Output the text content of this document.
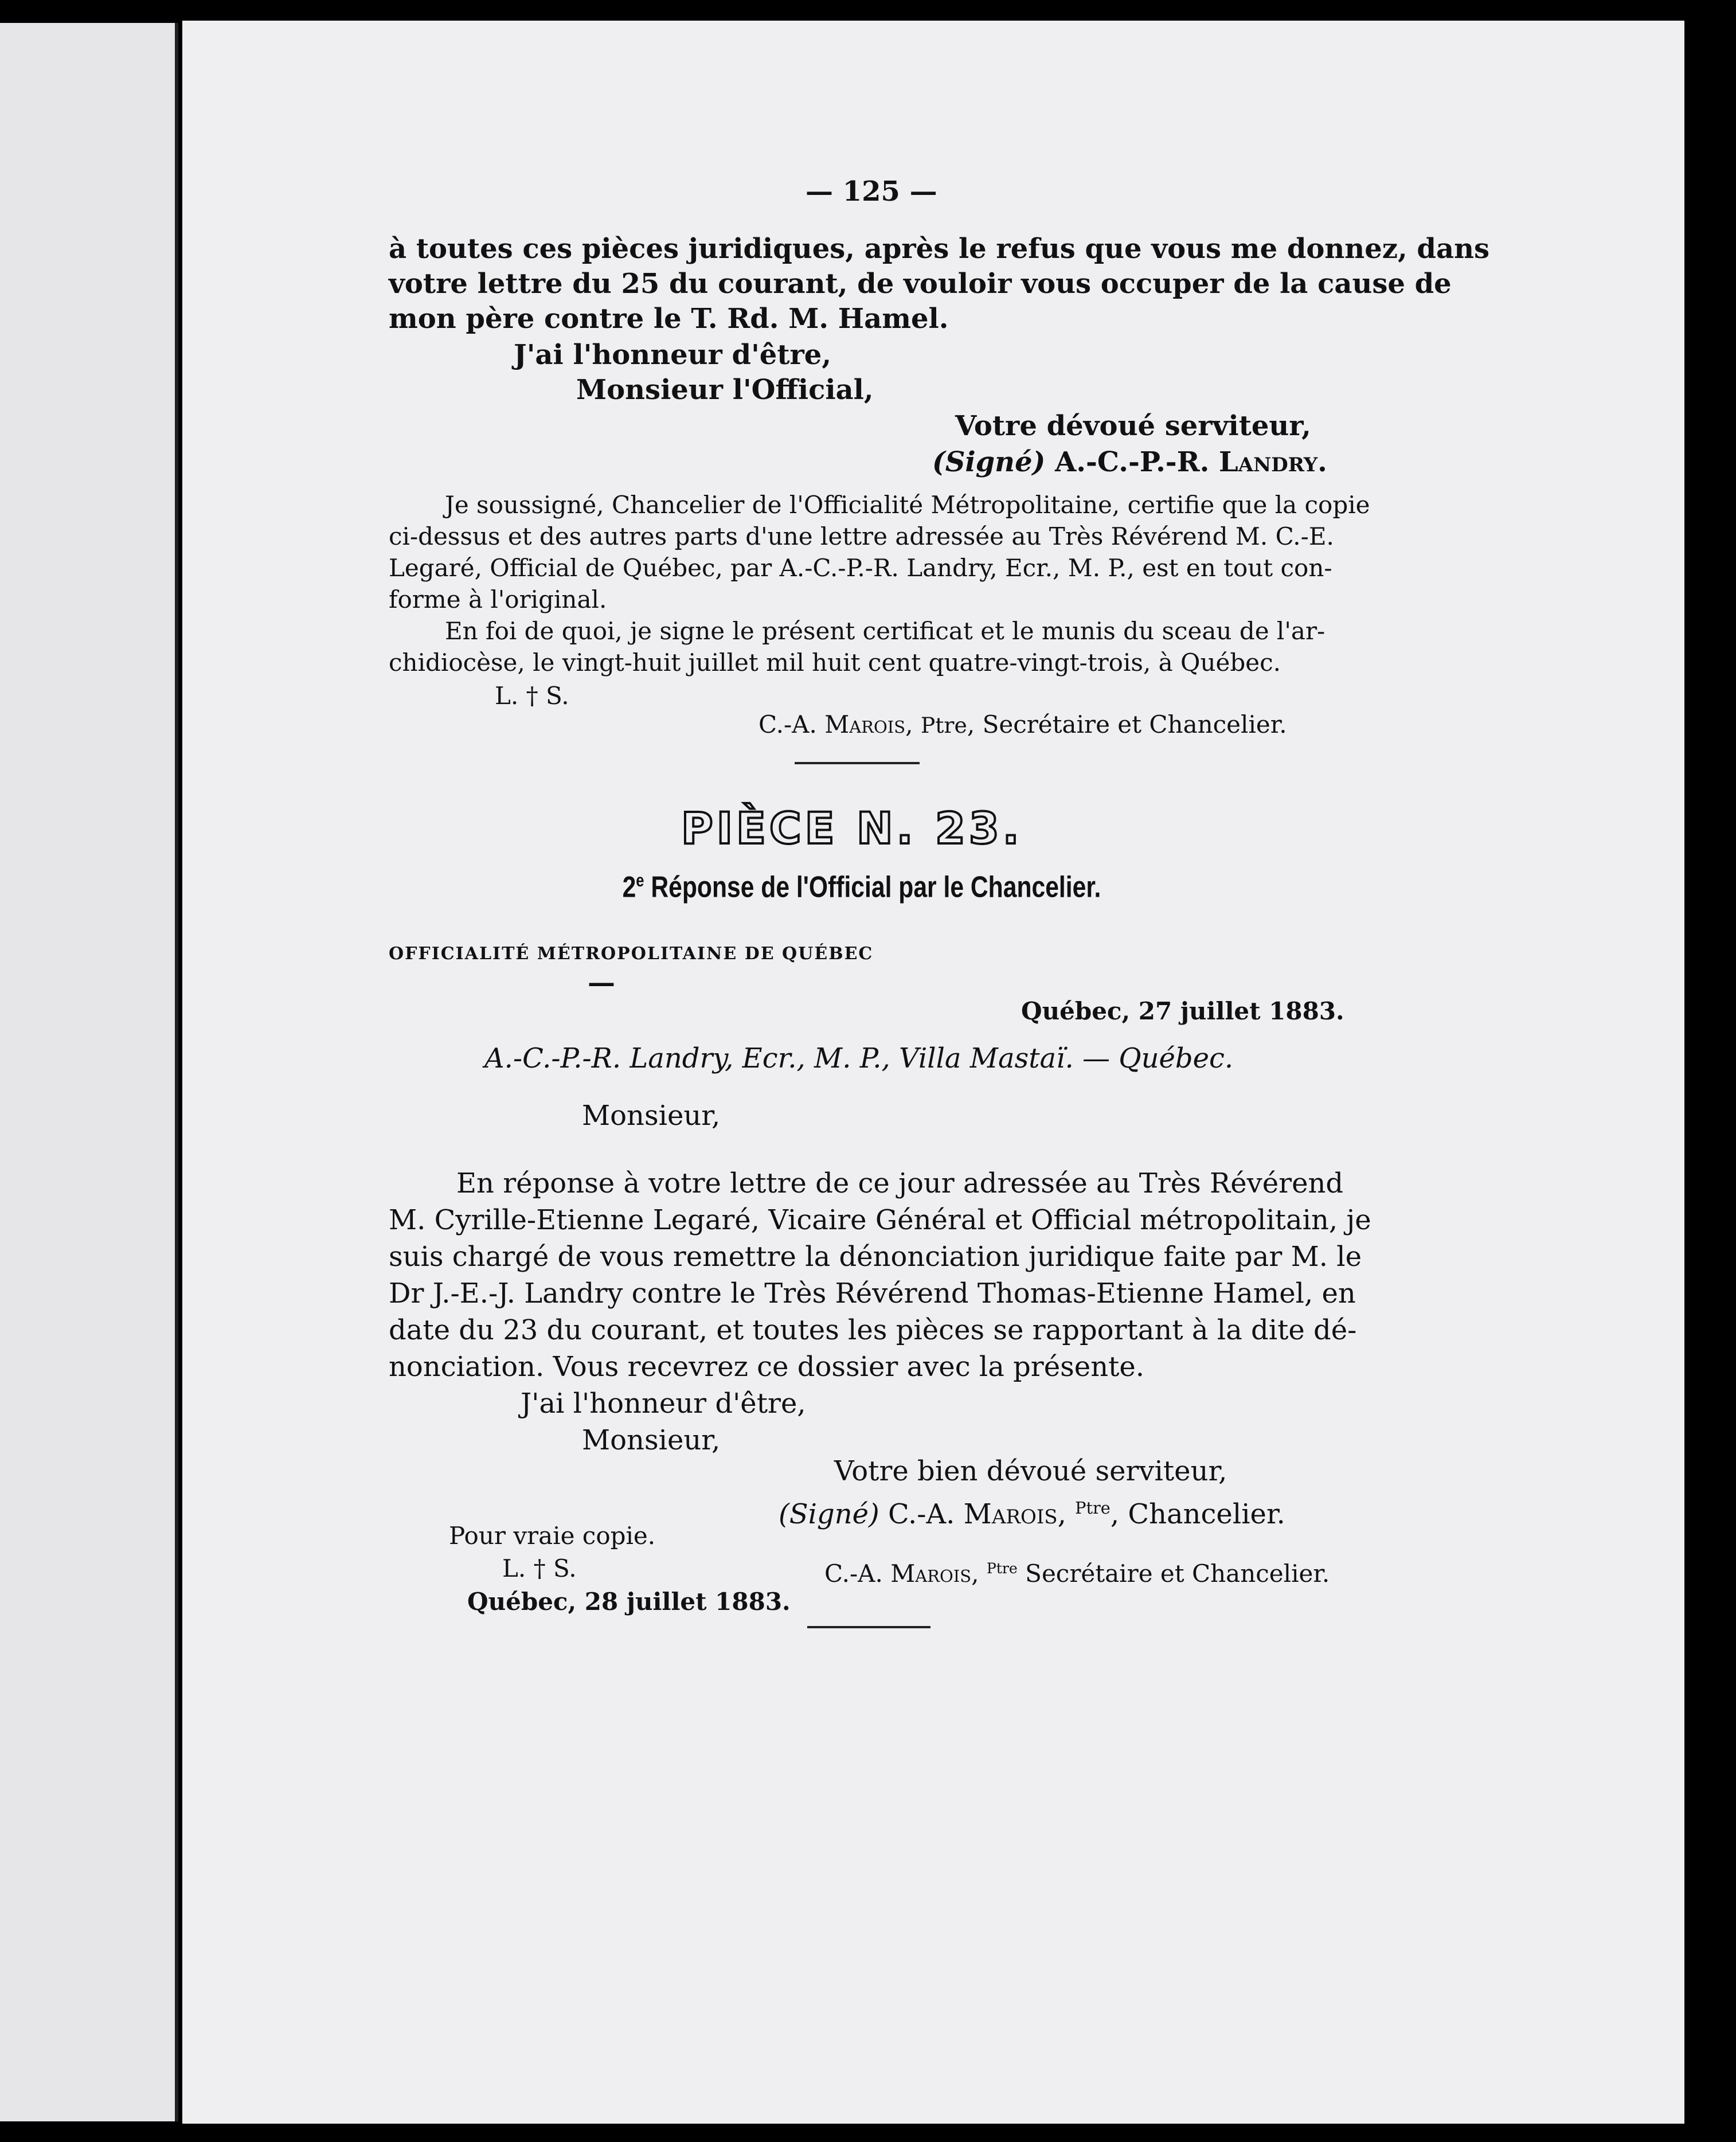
— 125 —
à toutes ces pièces juridiques, après le refus que vous me donnez, dans
votre lettre du 25 du courant, de vouloir vous occuper de la cause de
mon père contre le T. Rd. M. Hamel.
J'ai l'honneur d'être,
Monsieur l'Official,
Votre dévoué serviteur,
(Signé) A.-C.-P.-R. Landry.
Je soussigné, Chancelier de l'Officialité Métropolitaine, certifie que la copie
ci-dessus et des autres parts d'une lettre adressée au Très Révérend M. C.-E.
Legaré, Official de Québec, par A.-C.-P.-R. Landry, Ecr., M. P., est en tout con-
forme à l'original.
En foi de quoi, je signe le présent certificat et le munis du sceau de l'ar-
chidiocèse, le vingt-huit juillet mil huit cent quatre-vingt-trois, à Québec.
L. † S.
C.-A. Marois, Ptre, Secrétaire et Chancelier.
PIÈCE N. 23.
2e Réponse de l'Official par le Chancelier.
OFFICIALITÉ MÉTROPOLITAINE DE QUÉBEC
—
Québec, 27 juillet 1883.
A.-C.-P.-R. Landry, Ecr., M. P., Villa Mastaï. — Québec.
Monsieur,
En réponse à votre lettre de ce jour adressée au Très Révérend
M. Cyrille-Etienne Legaré, Vicaire Général et Official métropolitain, je
suis chargé de vous remettre la dénonciation juridique faite par M. le
Dr J.-E.-J. Landry contre le Très Révérend Thomas-Etienne Hamel, en
date du 23 du courant, et toutes les pièces se rapportant à la dite dé-
nonciation. Vous recevrez ce dossier avec la présente.
J'ai l'honneur d'être,
Monsieur,
Votre bien dévoué serviteur,
(Signé) C.-A. Marois, $^{Ptre}$, Chancelier.
Pour vraie copie.
L. † S.	C.-A. Marois, $^{Ptre}$ Secrétaire et Chancelier.
Québec, 28 juillet 1883.
